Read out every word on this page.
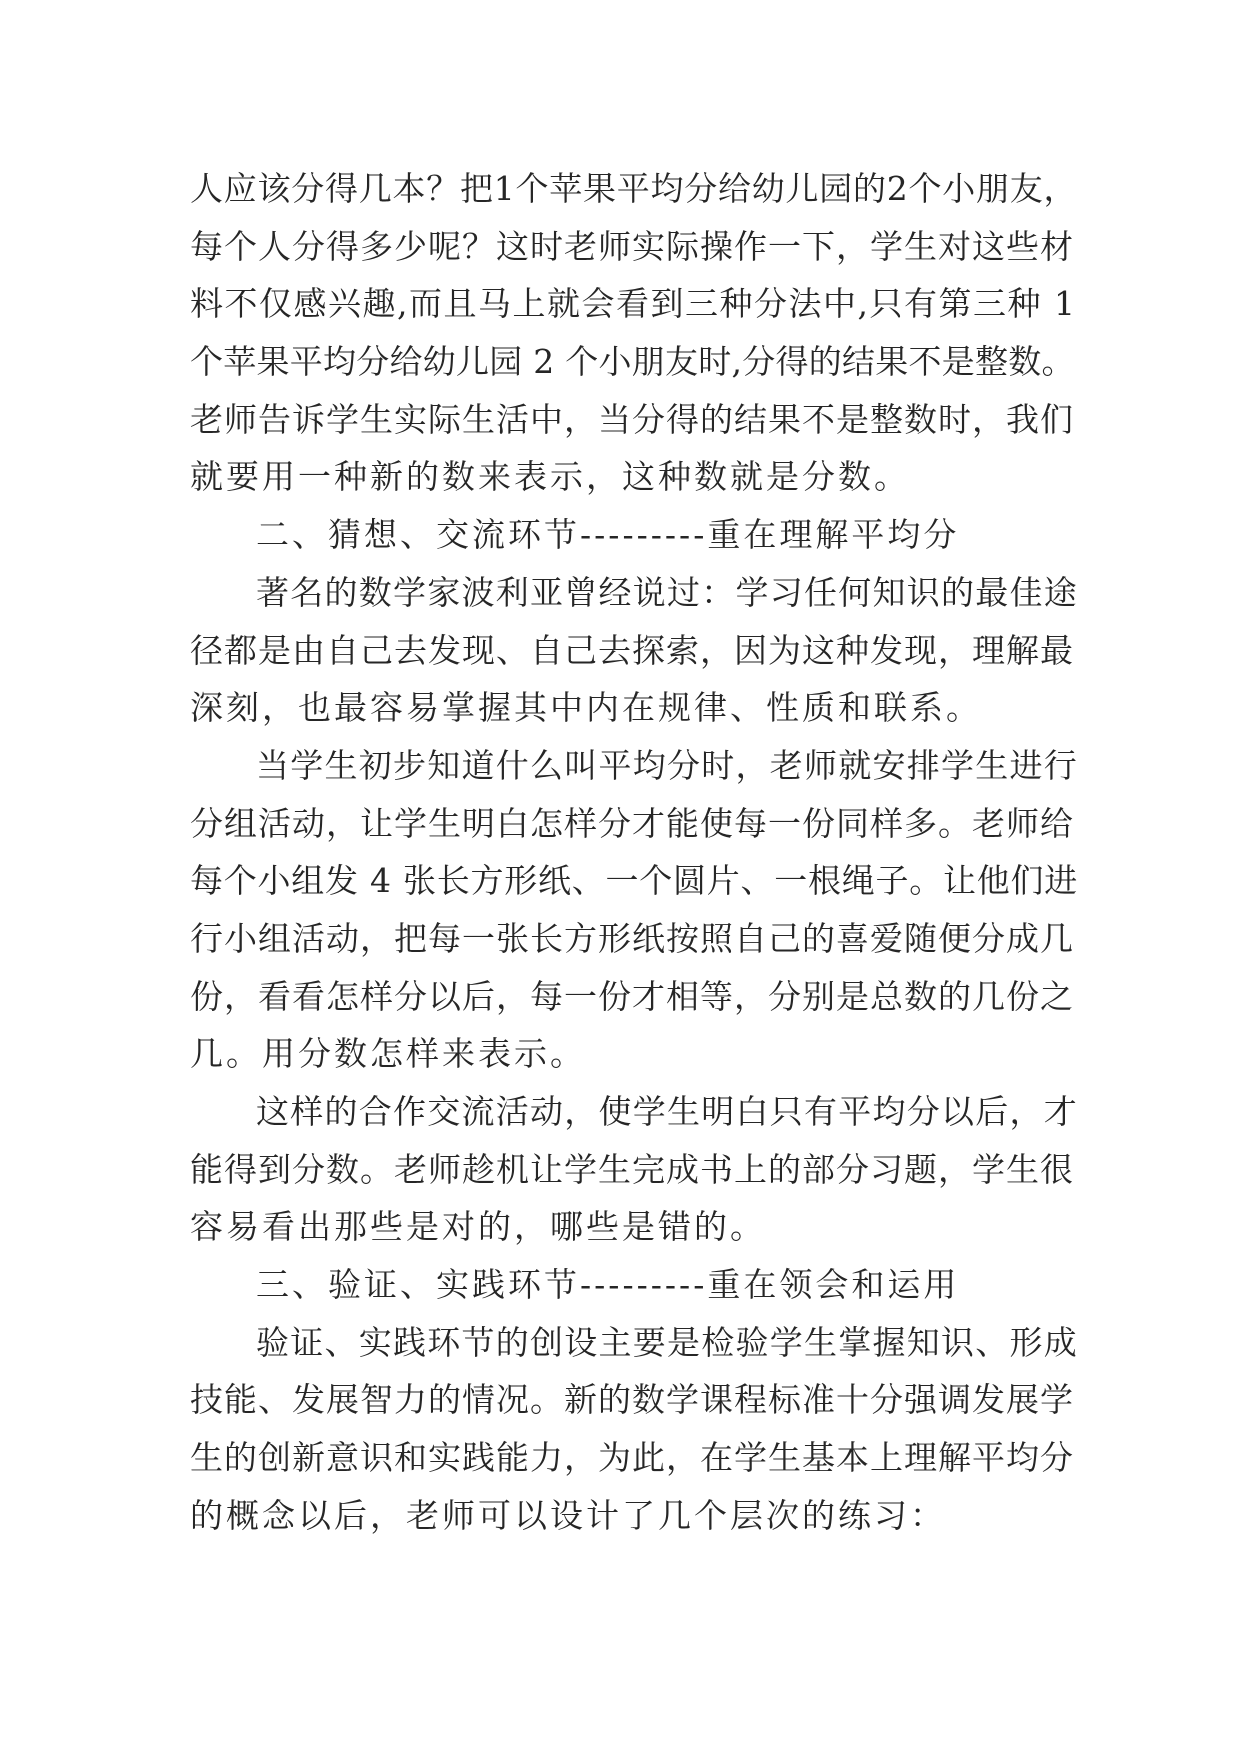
人应该分得几本？把1个苹果平均分给幼儿园的2个小朋友，
每个人分得多少呢？这时老师实际操作一下，学生对这些材
料不仅感兴趣,而且马上就会看到三种分法中,只有第三种 1
个苹果平均分给幼儿园 2 个小朋友时,分得的结果不是整数。
老师告诉学生实际生活中，当分得的结果不是整数时，我们
就要用一种新的数来表示，这种数就是分数。
二、猜想、交流环节---------重在理解平均分
著名的数学家波利亚曾经说过：学习任何知识的最佳途
径都是由自己去发现、自己去探索，因为这种发现，理解最
深刻，也最容易掌握其中内在规律、性质和联系。
当学生初步知道什么叫平均分时，老师就安排学生进行
分组活动，让学生明白怎样分才能使每一份同样多。老师给
每个小组发 4 张长方形纸、一个圆片、一根绳子。让他们进
行小组活动，把每一张长方形纸按照自己的喜爱随便分成几
份，看看怎样分以后，每一份才相等，分别是总数的几份之
几。用分数怎样来表示。
这样的合作交流活动，使学生明白只有平均分以后，才
能得到分数。老师趁机让学生完成书上的部分习题，学生很
容易看出那些是对的，哪些是错的。
三、验证、实践环节---------重在领会和运用
验证、实践环节的创设主要是检验学生掌握知识、形成
技能、发展智力的情况。新的数学课程标准十分强调发展学
生的创新意识和实践能力，为此，在学生基本上理解平均分
的概念以后，老师可以设计了几个层次的练习：
